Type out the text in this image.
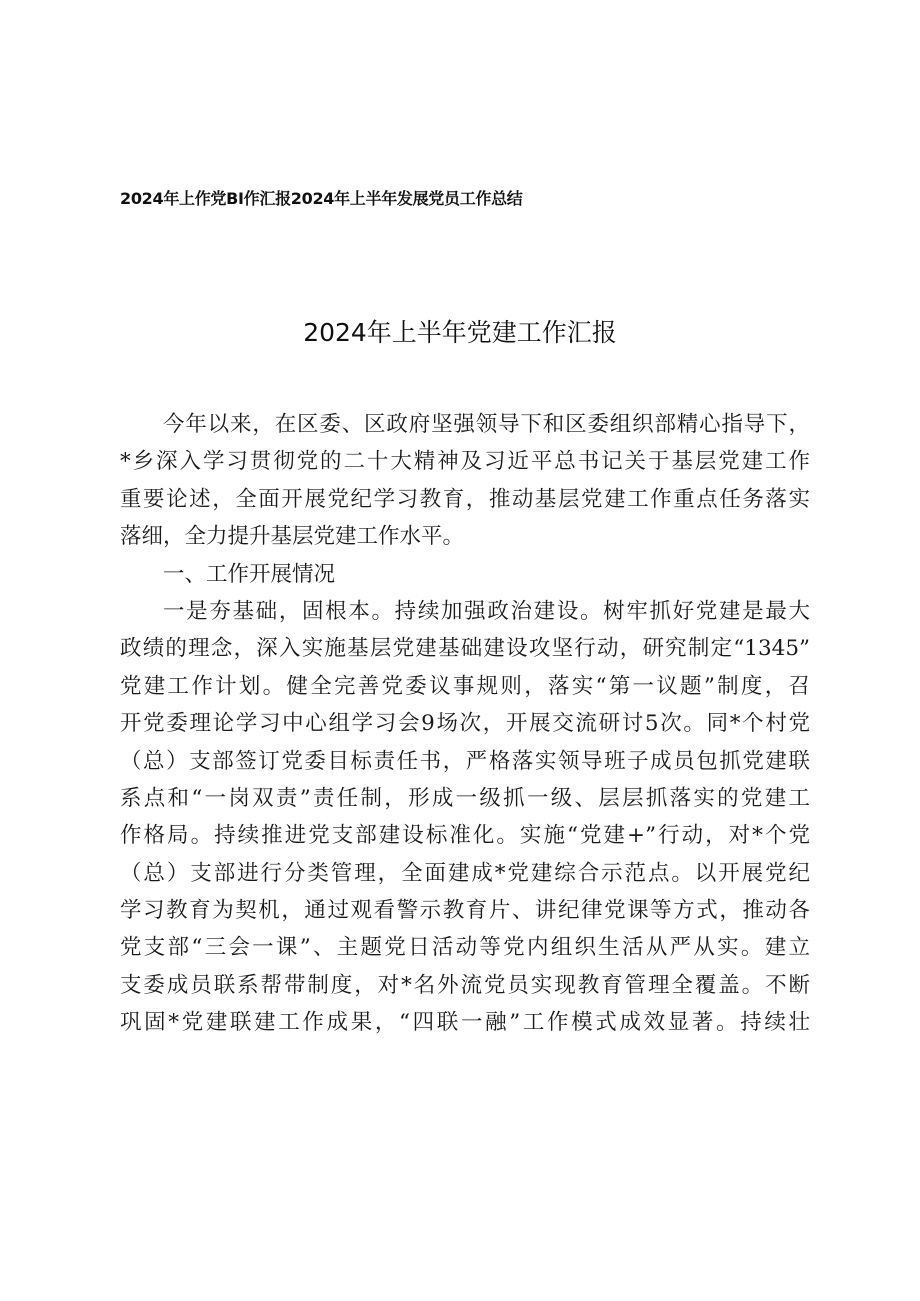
2024年上作党BI作汇报2024年上半年发展党员工作总结
2024年上半年党建工作汇报
今年以来，在区委、区政府坚强领导下和区委组织部精心指导下，
*乡深入学习贯彻党的二十大精神及习近平总书记关于基层党建工作
重要论述，全面开展党纪学习教育，推动基层党建工作重点任务落实
落细，全力提升基层党建工作水平。
一、工作开展情况
一是夯基础，固根本。持续加强政治建设。树牢抓好党建是最大
政绩的理念，深入实施基层党建基础建设攻坚行动，研究制定“1345”
党建工作计划。健全完善党委议事规则，落实“第一议题”制度，召
开党委理论学习中心组学习会9场次，开展交流研讨5次。同*个村党
（总）支部签订党委目标责任书，严格落实领导班子成员包抓党建联
系点和“一岗双责”责任制，形成一级抓一级、层层抓落实的党建工
作格局。持续推进党支部建设标准化。实施“党建+”行动，对*个党
（总）支部进行分类管理，全面建成*党建综合示范点。以开展党纪
学习教育为契机，通过观看警示教育片、讲纪律党课等方式，推动各
党支部“三会一课”、主题党日活动等党内组织生活从严从实。建立
支委成员联系帮带制度，对*名外流党员实现教育管理全覆盖。不断
巩固*党建联建工作成果，“四联一融”工作模式成效显著。持续壮
